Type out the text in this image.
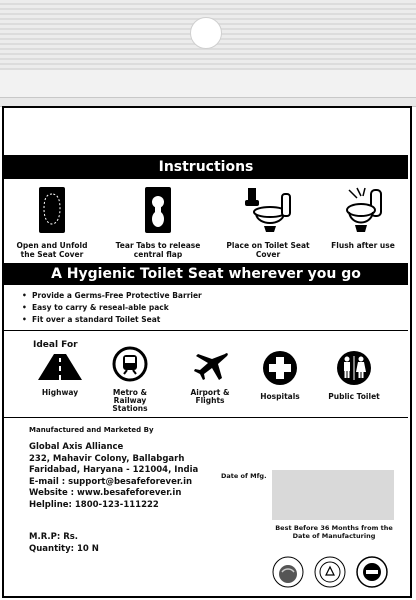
Instructions
Open and Unfold the Seat Cover
Tear Tabs to release central flap
Place on Toilet Seat Cover
Flush after use
A Hygienic Toilet Seat wherever you go
• Provide a Germs-Free Protective Barrier
• Easy to carry & reseal-able pack
• Fit over a standard Toilet Seat
Ideal For
Highway	Metro & Railway Stations
Airport & Flights	Hospitals	Public Toilet
Manufactured and Marketed By
Global Axis Alliance
232, Mahavir Colony, Ballabgarh
Faridabad, Haryana - 121004, India
E-mail : support@besafeforever.in
Website : www.besafeforever.in
Helpline: 1800-123-111222
M.R.P: Rs.
Quantity: 10 N
Date of Mfg.
Best Before 36 Months from the Date of Manufacturing
